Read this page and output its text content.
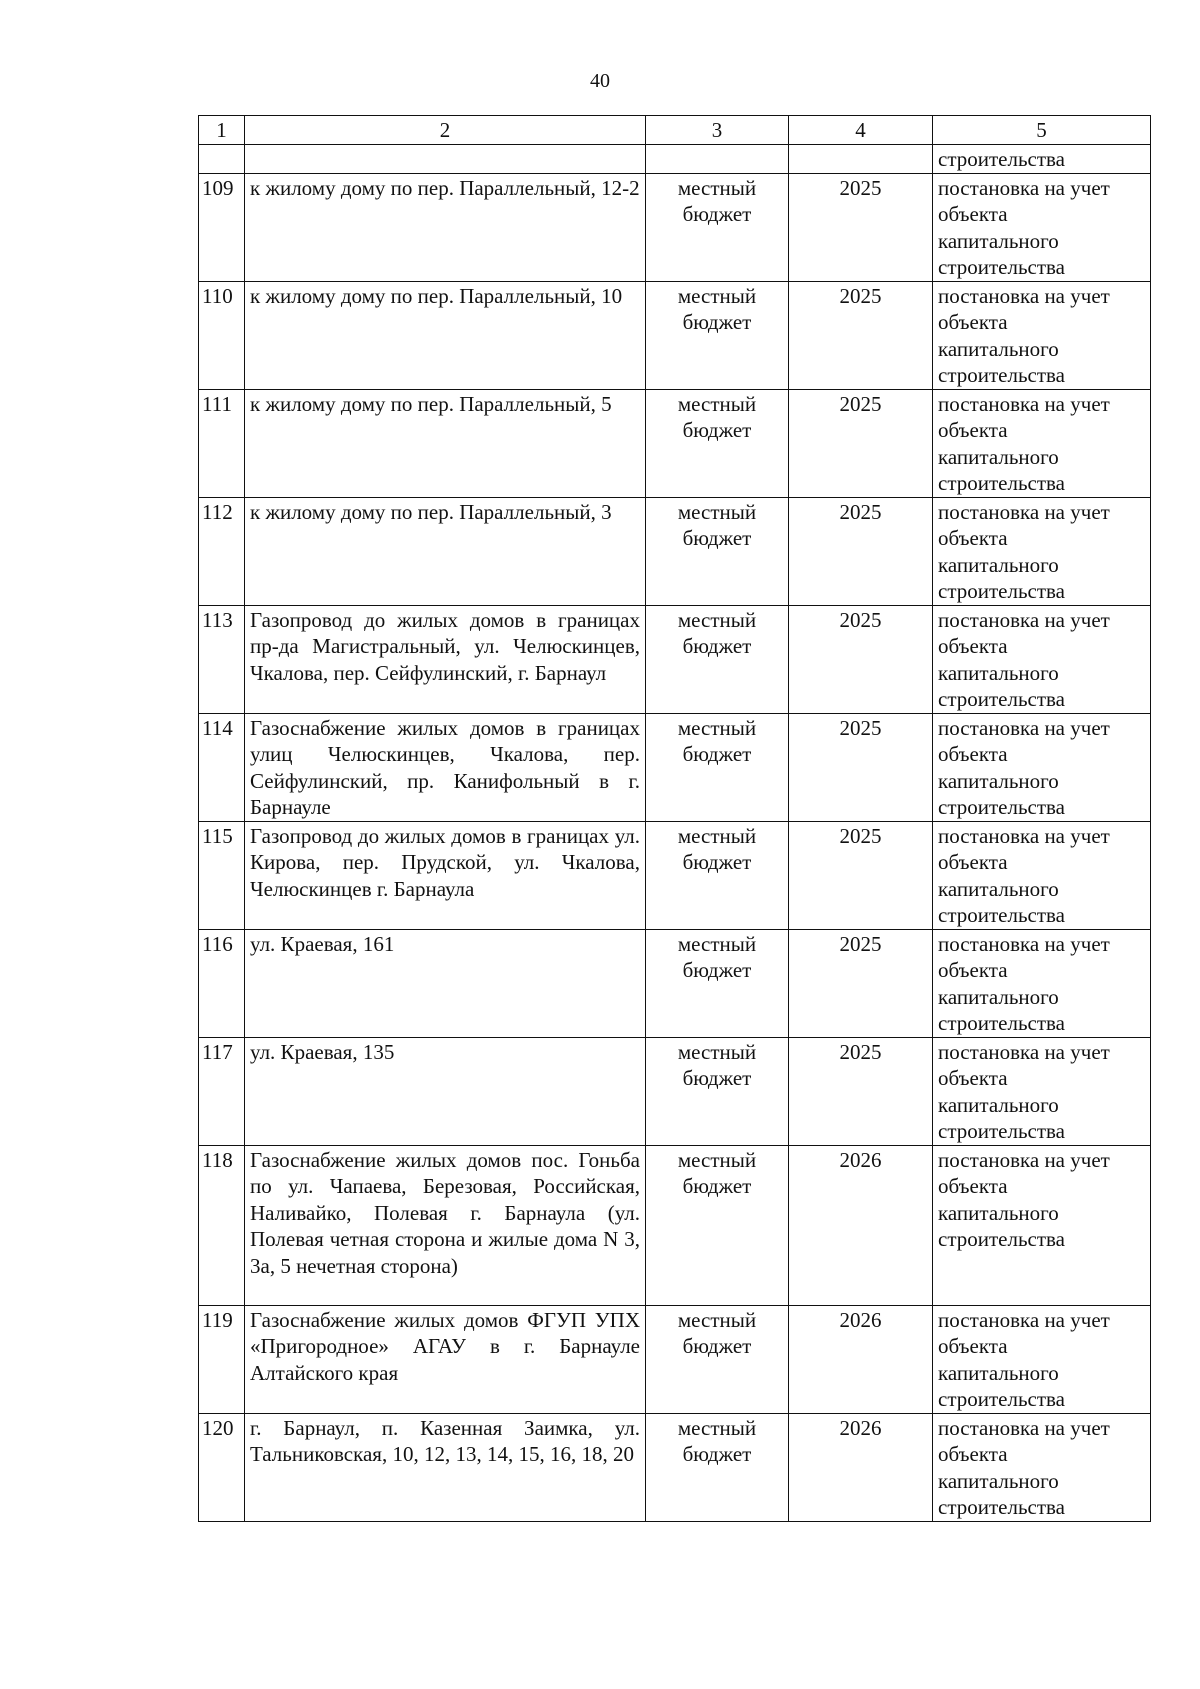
40
1	2	3	4	5
				строительства
109	к жилому дому по пер. Параллельный, 12-2	местный бюджет	2025	постановка на учет
объекта
капитального
строительства

110	к жилому дому по пер. Параллельный, 10	местный бюджет	2025	постановка на учет
объекта
капитального
строительства

111	к жилому дому по пер. Параллельный, 5	местный бюджет	2025	постановка на учет
объекта
капитального
строительства

112	к жилому дому по пер. Параллельный, 3	местный бюджет	2025	постановка на учет
объекта
капитального
строительства

113	Газопровод до жилых домов в границах пр-да Магистральный, ул. Челюскинцев, Чкалова, пер. Сейфулинский, г. Барнаул	местный бюджет	2025	постановка на учет
объекта
капитального
строительства

114	Газоснабжение жилых домов в границах улиц Челюскинцев, Чкалова, пер. Сейфулинский, пр. Канифольный в г. Барнауле	местный бюджет	2025	постановка на учет
объекта
капитального
строительства

115	Газопровод до жилых домов в границах ул. Кирова, пер. Прудской, ул. Чкалова, Челюскинцев г. Барнаула	местный бюджет	2025	постановка на учет
объекта
капитального
строительства

116	ул. Краевая, 161	местный бюджет	2025	постановка на учет
объекта
капитального
строительства

117	ул. Краевая, 135	местный бюджет	2025	постановка на учет
объекта
капитального
строительства

118	Газоснабжение жилых домов пос. Гоньба по ул. Чапаева, Березовая, Российская, Наливайко, Полевая г. Барнаула (ул. Полевая четная сторона и жилые дома N 3, 3а, 5 нечетная сторона)	местный бюджет	2026	постановка на учет
объекта
капитального
строительства

119	Газоснабжение жилых домов ФГУП УПХ «Пригородное» АГАУ в г. Барнауле Алтайского края	местный бюджет	2026	постановка на учет
объекта
капитального
строительства

120	г. Барнаул, п. Казенная Заимка, ул. Тальниковская, 10, 12, 13, 14, 15, 16, 18, 20	местный бюджет	2026	постановка на учет
объекта
капитального
строительства
